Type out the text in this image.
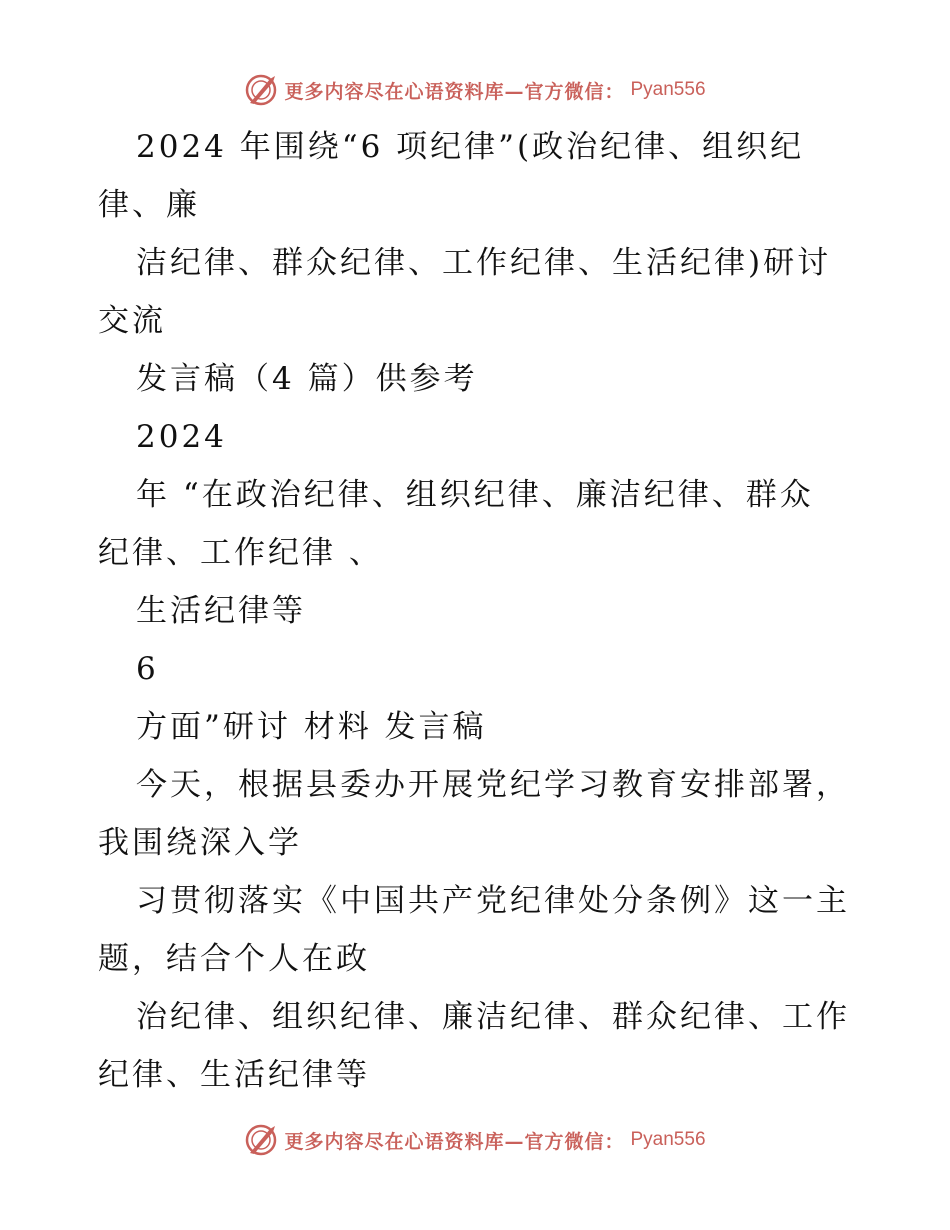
更多内容尽在心语资料库—官方微信： Pyan556
2024 年围绕“6 项纪律”(政治纪律、组织纪
律、廉
洁纪律、群众纪律、工作纪律、生活纪律)研讨
交流
发言稿（4 篇）供参考
2024
年 “在政治纪律、组织纪律、廉洁纪律、群众
纪律、工作纪律 、
生活纪律等
6
方面”研讨 材料 发言稿
今天，根据县委办开展党纪学习教育安排部署，
我围绕深入学
习贯彻落实《中国共产党纪律处分条例》这一主
题，结合个人在政
治纪律、组织纪律、廉洁纪律、群众纪律、工作
纪律、生活纪律等
更多内容尽在心语资料库—官方微信： Pyan556
